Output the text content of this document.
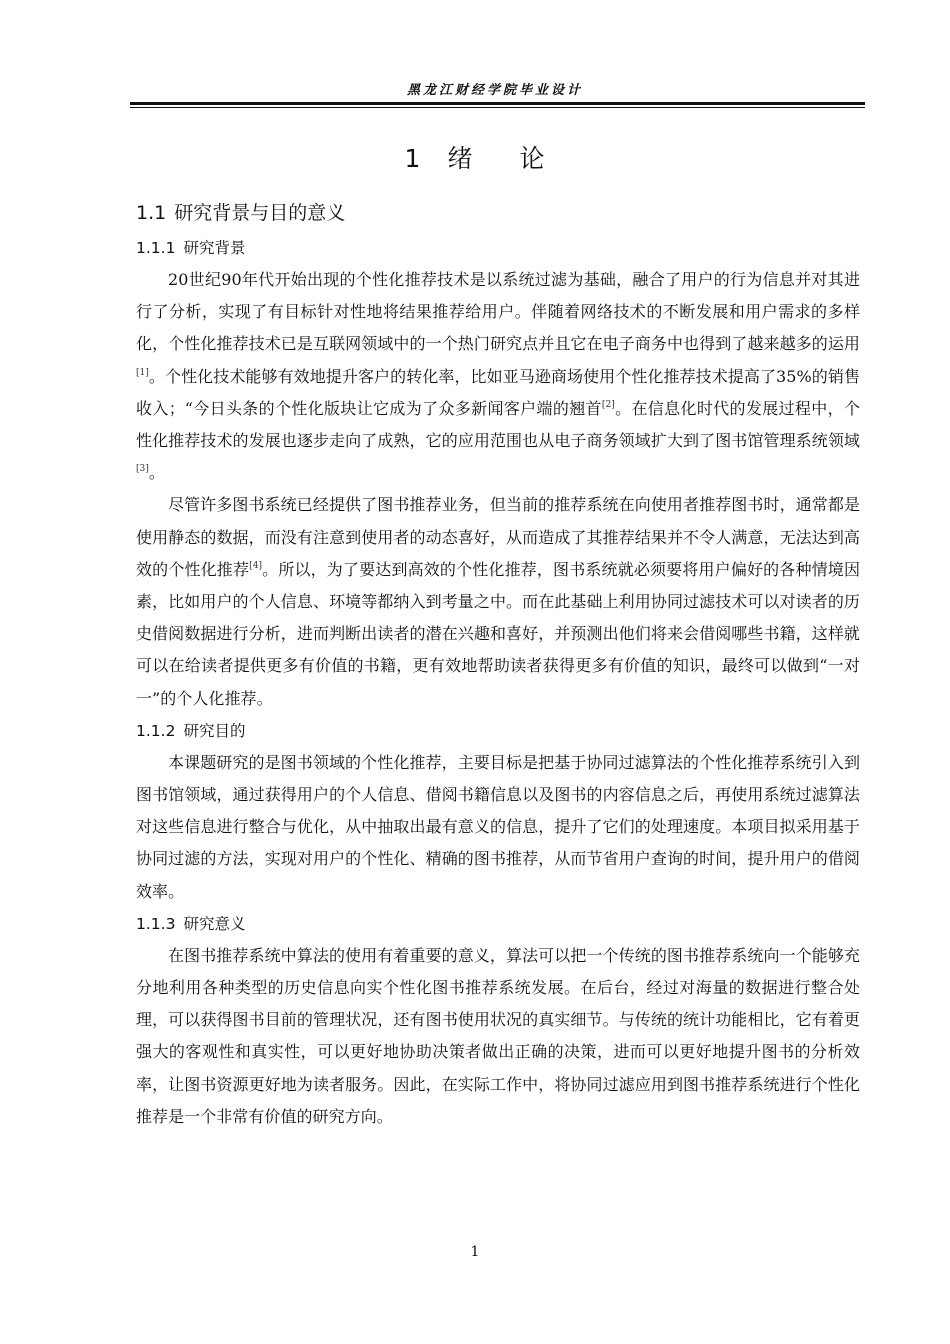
黑龙江财经学院毕业设计
1 绪 论
1.1 研究背景与目的意义
1.1.1 研究背景

20世纪90年代开始出现的个性化推荐技术是以系统过滤为基础，融合了用户的行为信息并对其进行了分析，实现了有目标针对性地将结果推荐给用户。伴随着网络技术的不断发展和用户需求的多样化，个性化推荐技术已是互联网领域中的一个热门研究点并且它在电子商务中也得到了越来越多的运用[1]。个性化技术能够有效地提升客户的转化率，比如亚马逊商场使用个性化推荐技术提高了35%的销售收入；“今日头条的个性化版块让它成为了众多新闻客户端的翘首[2]。在信息化时代的发展过程中，个性化推荐技术的发展也逐步走向了成熟，它的应用范围也从电子商务领域扩大到了图书馆管理系统领域[3]。

尽管许多图书系统已经提供了图书推荐业务，但当前的推荐系统在向使用者推荐图书时，通常都是使用静态的数据，而没有注意到使用者的动态喜好，从而造成了其推荐结果并不令人满意，无法达到高效的个性化推荐[4]。所以，为了要达到高效的个性化推荐，图书系统就必须要将用户偏好的各种情境因素，比如用户的个人信息、环境等都纳入到考量之中。而在此基础上利用协同过滤技术可以对读者的历史借阅数据进行分析，进而判断出读者的潜在兴趣和喜好，并预测出他们将来会借阅哪些书籍，这样就可以在给读者提供更多有价值的书籍，更有效地帮助读者获得更多有价值的知识，最终可以做到“一对一”的个人化推荐。

1.1.2 研究目的

本课题研究的是图书领域的个性化推荐，主要目标是把基于协同过滤算法的个性化推荐系统引入到图书馆领域，通过获得用户的个人信息、借阅书籍信息以及图书的内容信息之后，再使用系统过滤算法对这些信息进行整合与优化，从中抽取出最有意义的信息，提升了它们的处理速度。本项目拟采用基于协同过滤的方法，实现对用户的个性化、精确的图书推荐，从而节省用户查询的时间，提升用户的借阅效率。

1.1.3 研究意义

在图书推荐系统中算法的使用有着重要的意义，算法可以把一个传统的图书推荐系统向一个能够充分地利用各种类型的历史信息向实个性化图书推荐系统发展。在后台，经过对海量的数据进行整合处理，可以获得图书目前的管理状况，还有图书使用状况的真实细节。与传统的统计功能相比，它有着更强大的客观性和真实性，可以更好地协助决策者做出正确的决策，进而可以更好地提升图书的分析效率，让图书资源更好地为读者服务。因此，在实际工作中，将协同过滤应用到图书推荐系统进行个性化推荐是一个非常有价值的研究方向。

1
